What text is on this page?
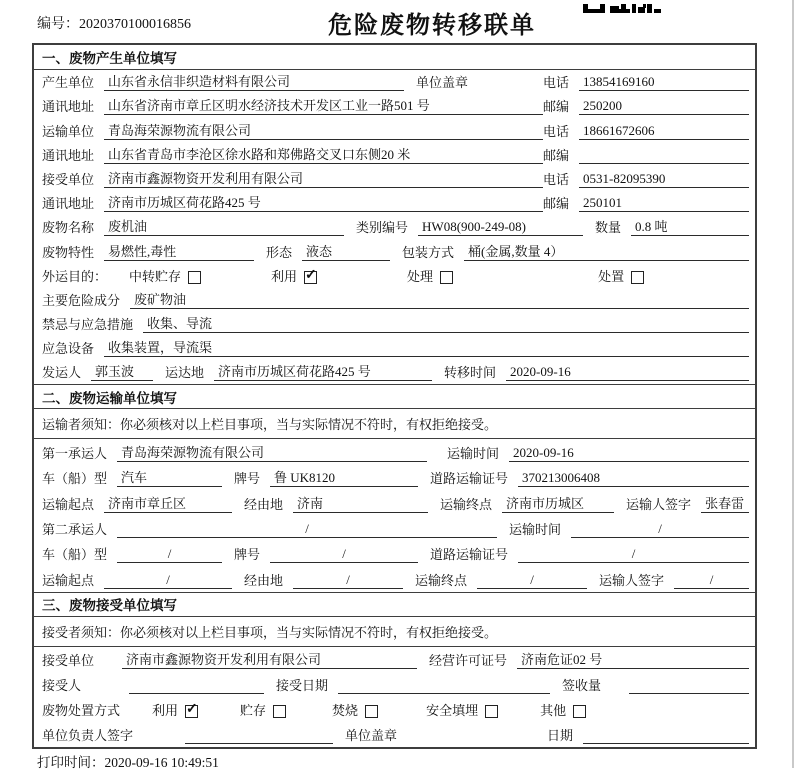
编号：2020370100016856	危险废物转移联单
一、废物产生单位填写
产生单位	山东省永信非织造材料有限公司	单位盖章	电话	13854169160
通讯地址	山东省济南市章丘区明水经济技术开发区工业一路501 号	邮编	250200
运输单位	青岛海荣源物流有限公司	电话	18661672606
通讯地址	山东省青岛市李沧区徐水路和郑佛路交叉口东侧20 米	邮编
接受单位	济南市鑫源物资开发利用有限公司	电话	0531-82095390
通讯地址	济南市历城区荷花路425 号	邮编	250101
废物名称	废机油	类别编号	HW08(900-249-08)	数量	0.8 吨
废物特性	易燃性,毒性	形态	液态	包装方式	桶(金属,数量 4）
外运目的：	中转贮存	利用 ✓	处理	处置
主要危险成分	废矿物油
禁忌与应急措施	收集、导流
应急设备	收集装置，导流渠
发运人	郭玉波	运达地	济南市历城区荷花路425 号	转移时间	2020-09-16
二、废物运输单位填写
运输者须知：你必须核对以上栏目事项，当与实际情况不符时，有权拒绝接受。
第一承运人	青岛海荣源物流有限公司	运输时间	2020-09-16
车（船）型	汽车	牌号	鲁 UK8120	道路运输证号	370213006408
运输起点	济南市章丘区	经由地	济南	运输终点	济南市历城区	运输人签字	张春雷
第二承运人	/	运输时间	/
车（船）型	/	牌号	/	道路运输证号	/
运输起点	/	经由地	/	运输终点	/	运输人签字	/
三、废物接受单位填写
接受者须知：你必须核对以上栏目事项，当与实际情况不符时，有权拒绝接受。
接受单位	济南市鑫源物资开发利用有限公司	经营许可证号	济南危证02 号
接受人	接受日期	签收量
废物处置方式	利用 ✓	贮存	焚烧	安全填埋	其他
单位负责人签字	单位盖章	日期
打印时间：2020-09-16 10:49:51
